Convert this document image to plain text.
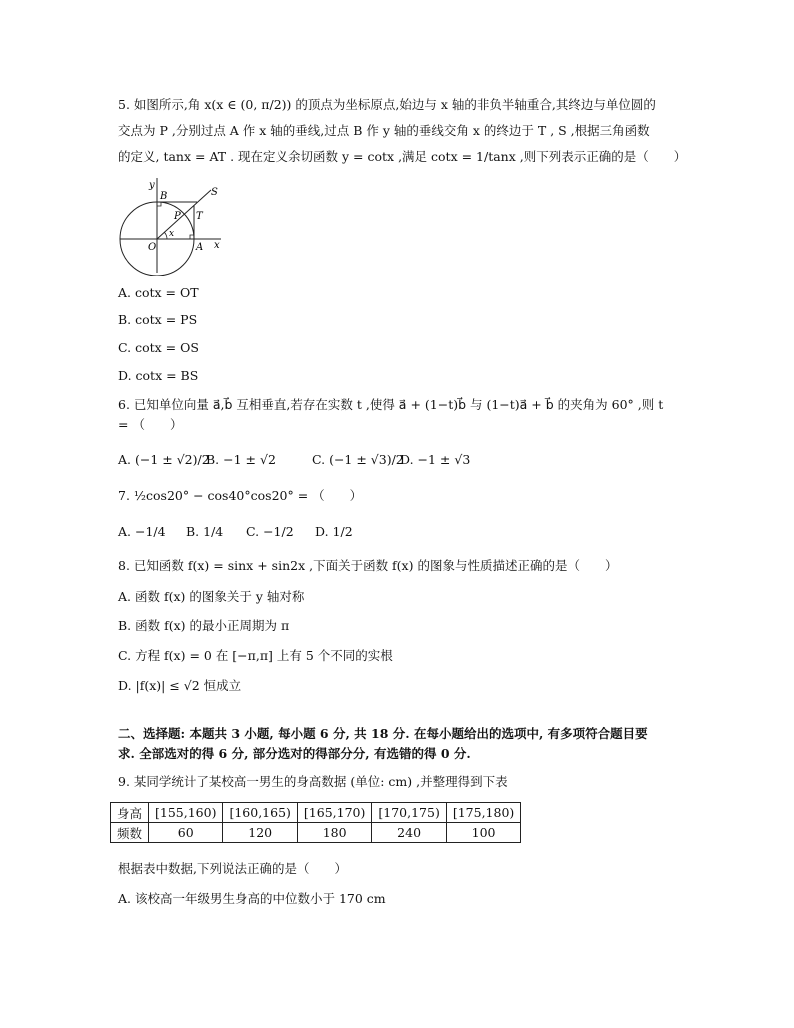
5. 如图所示,角 x(x ∈ (0, π/2)) 的顶点为坐标原点,始边与 x 轴的非负半轴重合,其终边与单位圆的
交点为 P ,分别过点 A 作 x 轴的垂线,过点 B 作 y 轴的垂线交角 x 的终边于 T , S ,根据三角函数
的定义, tanx = AT . 现在定义余切函数 y = cotx ,满足 cotx = 1/tanx ,则下列表示正确的是（　　）
y
B	S
P T
x
O	A x
A. cotx = OT
B. cotx = PS
C. cotx = OS
D. cotx = BS
6. 已知单位向量 a⃗,b⃗ 互相垂直,若存在实数 t ,使得 a⃗ + (1−t)b⃗ 与 (1−t)a⃗ + b⃗ 的夹角为 60° ,则 t
= （　　）
A. (−1 ± √2)/2
B. −1 ± √2	C. (−1 ± √3)/2
D. −1 ± √3
7. ½cos20° − cos40°cos20° = （　　）
A. −1/4 B. 1/4 C. −1/2 D. 1/2
8. 已知函数 f(x) = sinx + sin2x ,下面关于函数 f(x) 的图象与性质描述正确的是（　　）
A. 函数 f(x) 的图象关于 y 轴对称
B. 函数 f(x) 的最小正周期为 π
C. 方程 f(x) = 0 在 [−π,π] 上有 5 个不同的实根
D. |f(x)| ≤ √2 恒成立
二、选择题: 本题共 3 小题, 每小题 6 分, 共 18 分. 在每小题给出的选项中, 有多项符合题目要
求. 全部选对的得 6 分, 部分选对的得部分分, 有选错的得 0 分.
9. 某同学统计了某校高一男生的身高数据 (单位: cm) ,并整理得到下表
身高	[155,160)	[160,165)	[165,170)	[170,175)	[175,180)
频数	60	120	180	240	100
根据表中数据,下列说法正确的是（　　）
A. 该校高一年级男生身高的中位数小于 170 cm
